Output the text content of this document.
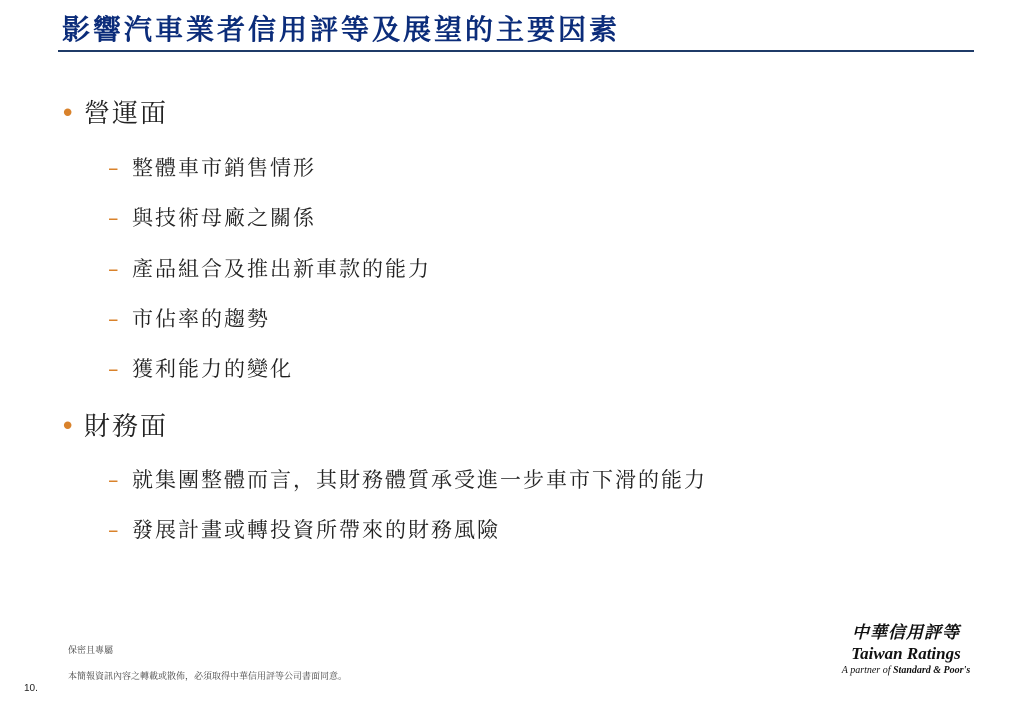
影響汽車業者信用評等及展望的主要因素
• 營運面
– 整體車市銷售情形
– 與技術母廠之關係
– 產品組合及推出新車款的能力
– 市佔率的趨勢
– 獲利能力的變化
• 財務面
– 就集團整體而言，其財務體質承受進一步車市下滑的能力
– 發展計畫或轉投資所帶來的財務風險
保密且專屬
本簡報資訊內容之轉載或散佈，必須取得中華信用評等公司書面同意。
10.
中華信用評等
Taiwan Ratings
A partner of Standard & Poor's
